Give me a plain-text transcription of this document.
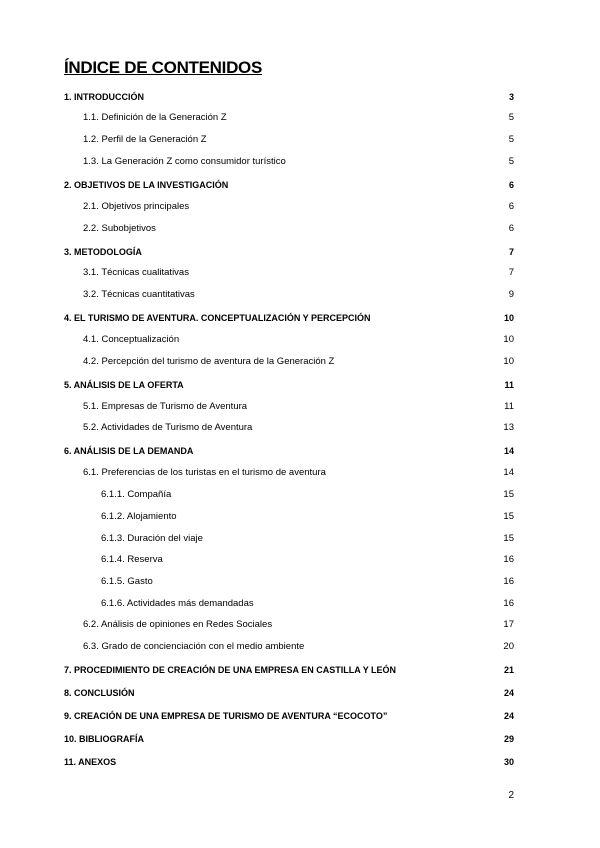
ÍNDICE DE CONTENIDOS
1. INTRODUCCIÓN	3
1.1. Definición de la Generación Z	5
1.2. Perfil de la Generación Z	5
1.3. La Generación Z como consumidor turístico	5
2. OBJETIVOS DE LA INVESTIGACIÓN	6
2.1. Objetivos principales	6
2.2. Subobjetivos	6
3. METODOLOGÍA	7
3.1. Técnicas cualitativas	7
3.2. Técnicas cuantitativas	9
4. EL TURISMO DE AVENTURA. CONCEPTUALIZACIÓN Y PERCEPCIÓN	10
4.1. Conceptualización	10
4.2. Percepción del turismo de aventura de la Generación Z	10
5. ANÁLISIS DE LA OFERTA	11
5.1. Empresas de Turismo de Aventura	11
5.2. Actividades de Turismo de Aventura	13
6. ANÁLISIS DE LA DEMANDA	14
6.1. Preferencias de los turistas en el turismo de aventura	14
6.1.1. Compañía	15
6.1.2. Alojamiento	15
6.1.3. Duración del viaje	15
6.1.4. Reserva	16
6.1.5. Gasto	16
6.1.6. Actividades más demandadas	16
6.2. Análisis de opiniones en Redes Sociales	17
6.3. Grado de concienciación con el medio ambiente	20
7. PROCEDIMIENTO DE CREACIÓN DE UNA EMPRESA EN CASTILLA Y LEÓN	21
8. CONCLUSIÓN	24
9. CREACIÓN DE UNA EMPRESA DE TURISMO DE AVENTURA “ECOCOTO”	24
10. BIBLIOGRAFÍA	29
11. ANEXOS	30
2
